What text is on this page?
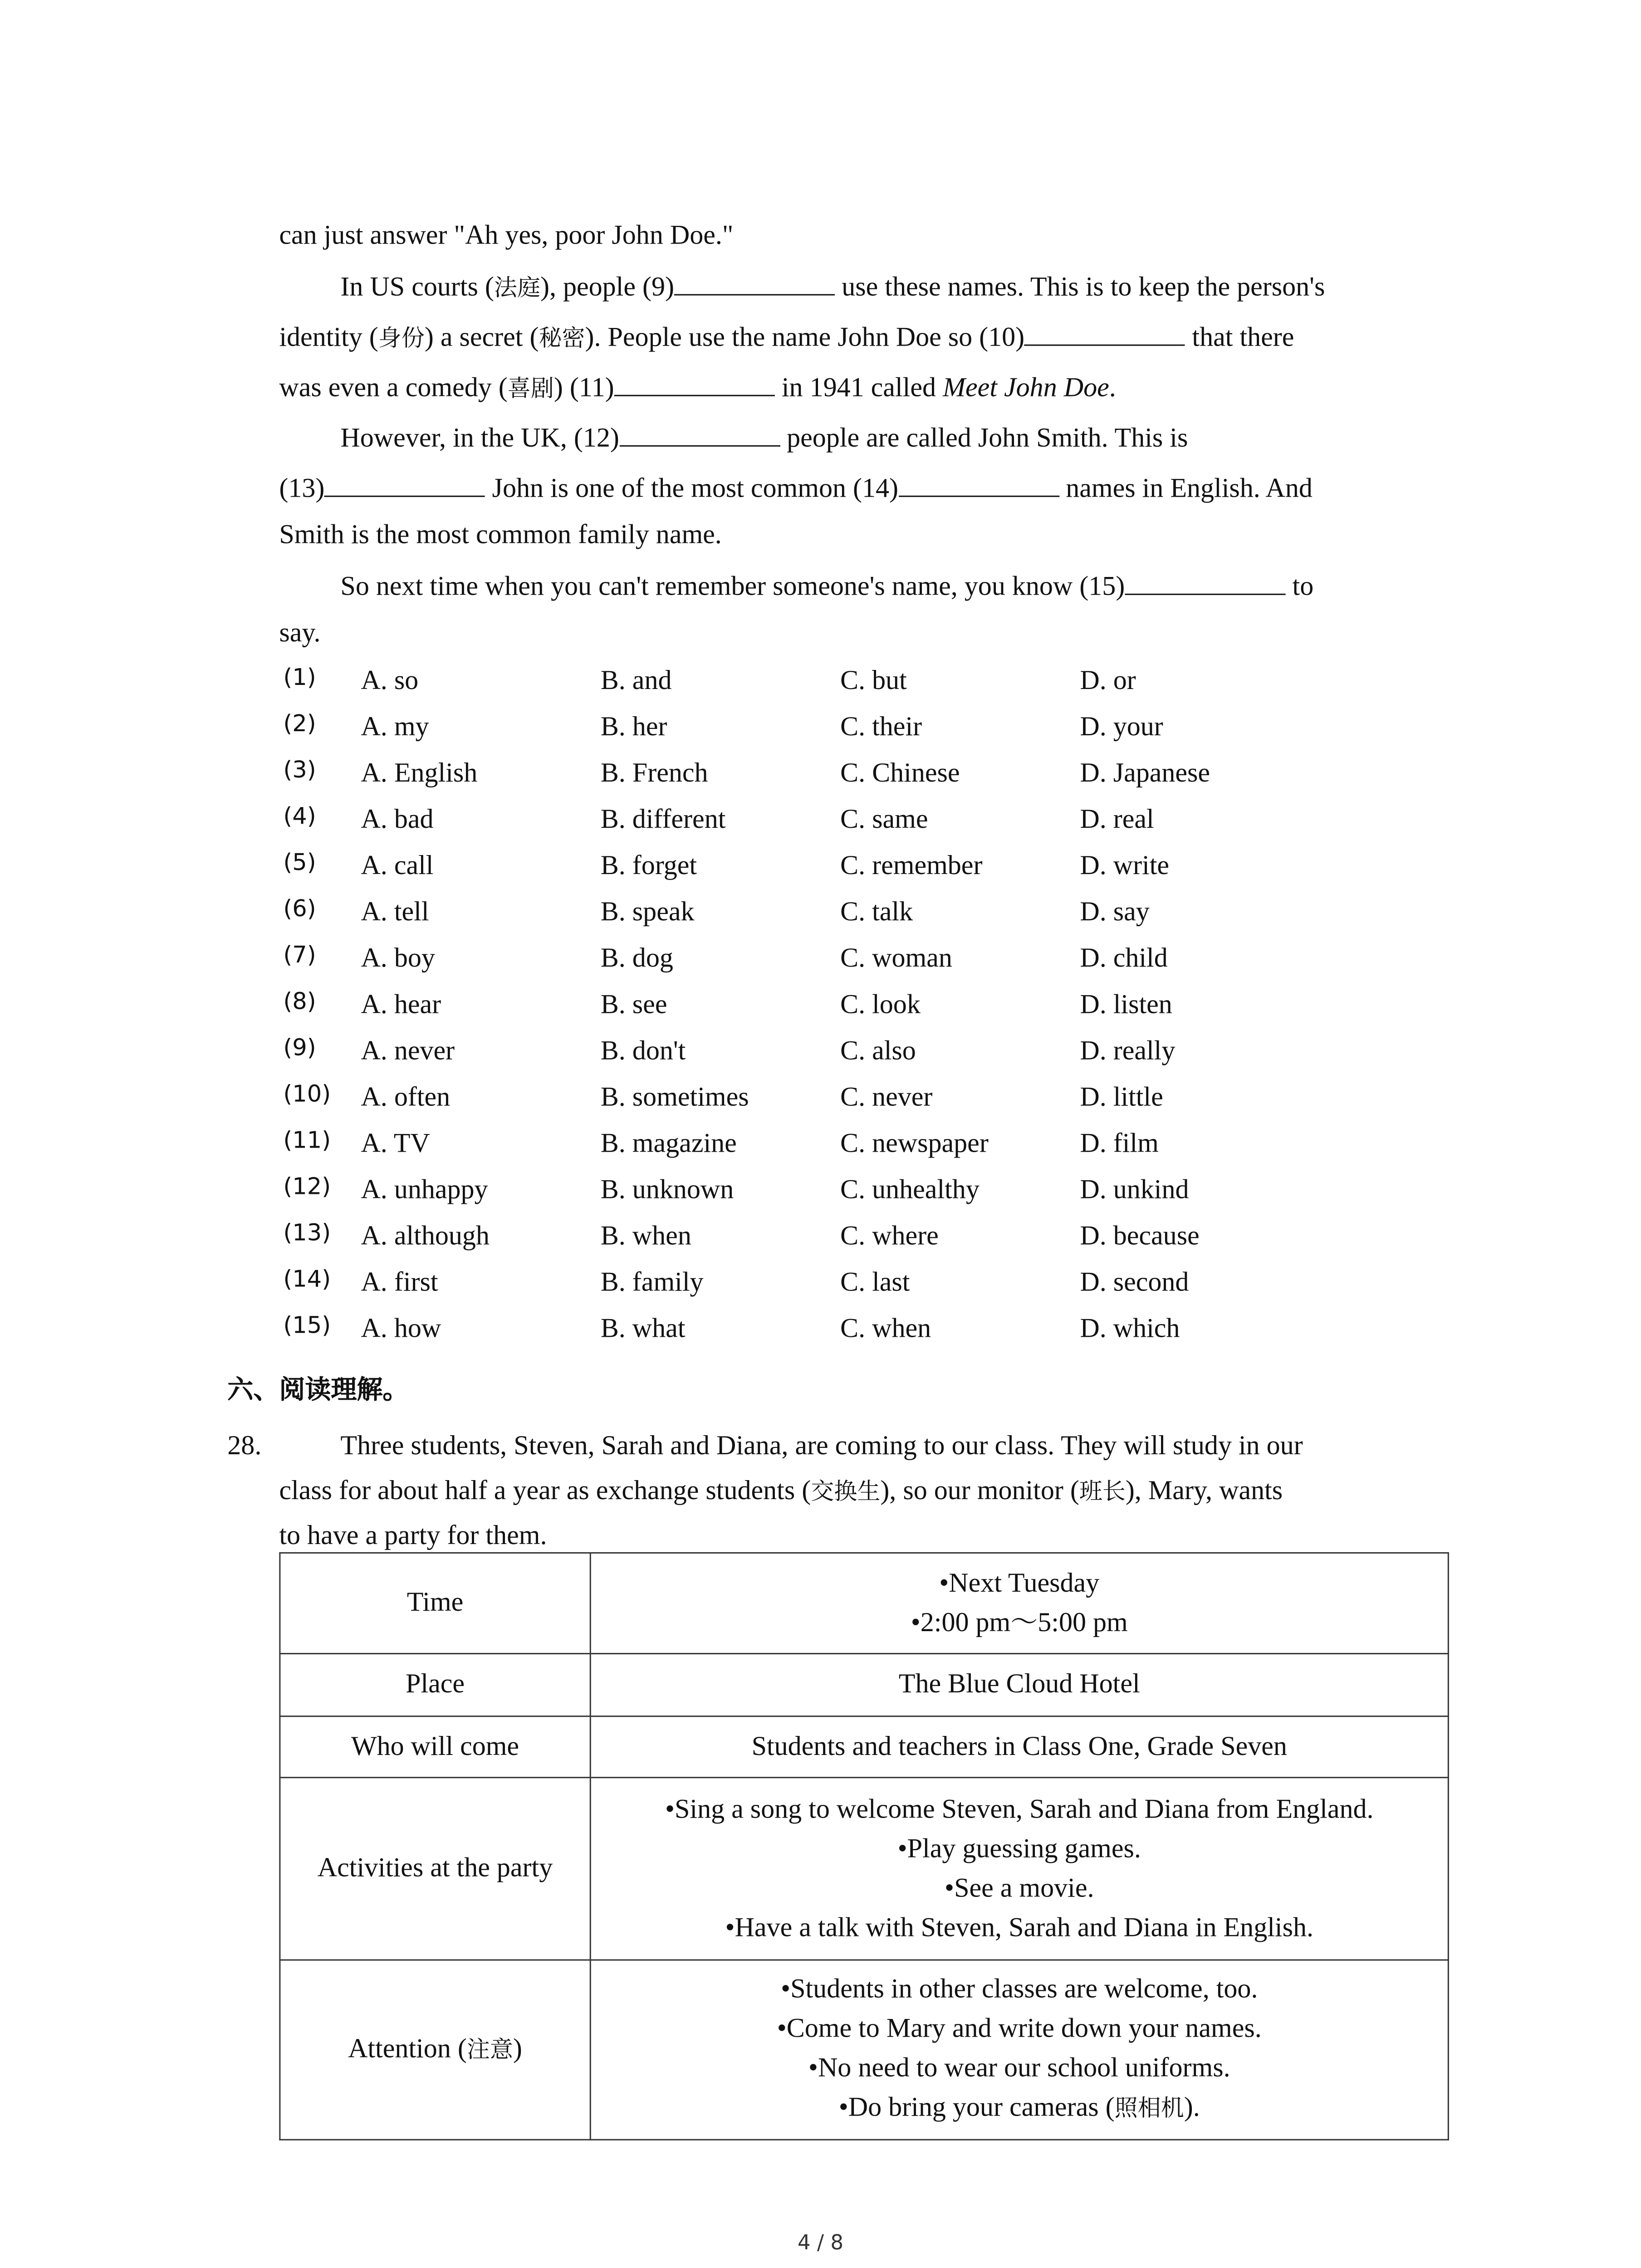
can just answer "Ah yes, poor John Doe."
In US courts (法庭), people (9)	use these names. This is to keep the person's
identity (身份) a secret (秘密). People use the name John Doe so (10)	that there
was even a comedy (喜剧) (11)	in 1941 called Meet John Doe.
However, in the UK, (12)	people are called John Smith. This is
(13)	John is one of the most common (14)	names in English. And
Smith is the most common family name.
So next time when you can't remember someone's name, you know (15)	to
say.
(1)	A. so	B. and	C. but	D. or
(2)	A. my	B. her	C. their	D. your
(3)	A. English	B. French	C. Chinese	D. Japanese
(4)	A. bad	B. different	C. same	D. real
(5)	A. call	B. forget	C. remember	D. write
(6)	A. tell	B. speak	C. talk	D. say
(7)	A. boy	B. dog	C. woman	D. child
(8)	A. hear	B. see	C. look	D. listen
(9)	A. never	B. don't	C. also	D. really
(10)	A. often	B. sometimes	C. never	D. little
(11)	A. TV	B. magazine	C. newspaper	D. film
(12)	A. unhappy	B. unknown	C. unhealthy	D. unkind
(13)	A. although	B. when	C. where	D. because
(14)	A. first	B. family	C. last	D. second
(15)	A. how	B. what	C. when	D. which
六、阅读理解。
28.	Three students, Steven, Sarah and Diana, are coming to our class. They will study in our
class for about half a year as exchange students (交换生), so our monitor (班长), Mary, wants
to have a party for them.
Time	•Next Tuesday
•2:00 pm～5:00 pm

Place	The Blue Cloud Hotel
Who will come	Students and teachers in Class One, Grade Seven
Activities at the party	•Sing a song to welcome Steven, Sarah and Diana from England.
•Play guessing games.
•See a movie.
•Have a talk with Steven, Sarah and Diana in English.

Attention (注意)	•Students in other classes are welcome, too.
•Come to Mary and write down your names.
•No need to wear our school uniforms.
•Do bring your cameras (照相机).
4 / 8
